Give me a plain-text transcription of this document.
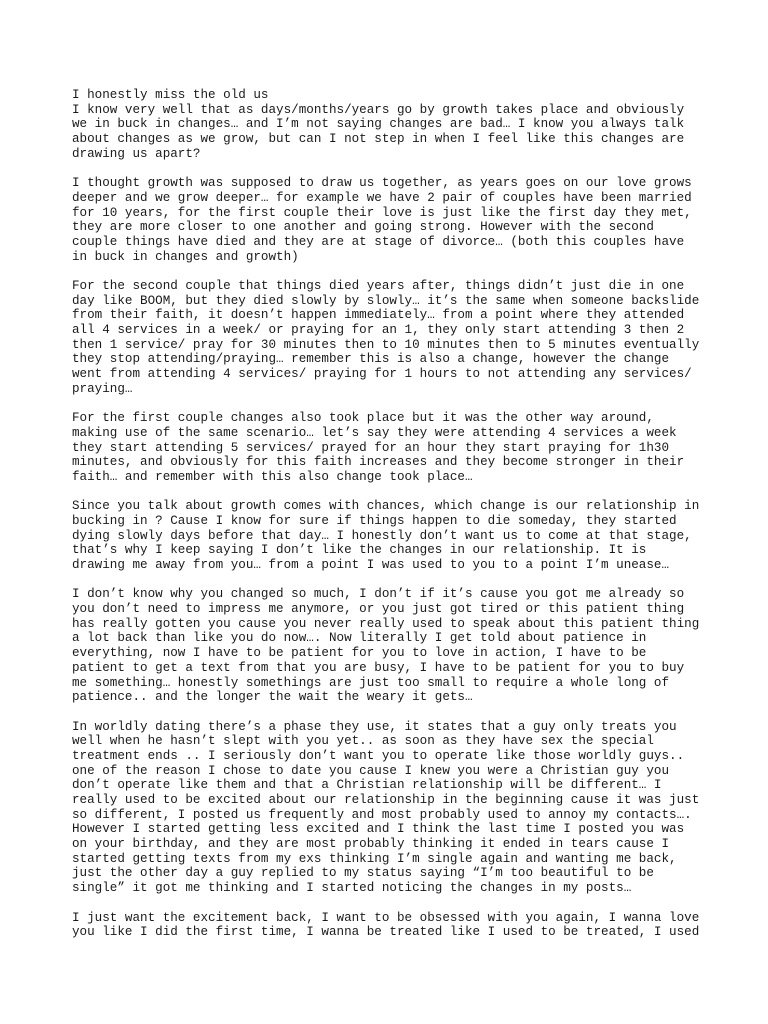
I honestly miss the old us
I know very well that as days/months/years go by growth takes place and obviously
we in buck in changes… and I’m not saying changes are bad… I know you always talk
about changes as we grow, but can I not step in when I feel like this changes are
drawing us apart?
I thought growth was supposed to draw us together, as years goes on our love grows
deeper and we grow deeper… for example we have 2 pair of couples have been married
for 10 years, for the first couple their love is just like the first day they met,
they are more closer to one another and going strong. However with the second
couple things have died and they are at stage of divorce… (both this couples have
in buck in changes and growth)
For the second couple that things died years after, things didn’t just die in one
day like BOOM, but they died slowly by slowly… it’s the same when someone backslide
from their faith, it doesn’t happen immediately… from a point where they attended
all 4 services in a week/ or praying for an 1, they only start attending 3 then 2
then 1 service/ pray for 30 minutes then to 10 minutes then to 5 minutes eventually
they stop attending/praying… remember this is also a change, however the change
went from attending 4 services/ praying for 1 hours to not attending any services/
praying…
For the first couple changes also took place but it was the other way around,
making use of the same scenario… let’s say they were attending 4 services a week
they start attending 5 services/ prayed for an hour they start praying for 1h30
minutes, and obviously for this faith increases and they become stronger in their
faith… and remember with this also change took place…
Since you talk about growth comes with chances, which change is our relationship in
bucking in ? Cause I know for sure if things happen to die someday, they started
dying slowly days before that day… I honestly don’t want us to come at that stage,
that’s why I keep saying I don’t like the changes in our relationship. It is
drawing me away from you… from a point I was used to you to a point I’m unease…
I don’t know why you changed so much, I don’t if it’s cause you got me already so
you don’t need to impress me anymore, or you just got tired or this patient thing
has really gotten you cause you never really used to speak about this patient thing
a lot back than like you do now…. Now literally I get told about patience in
everything, now I have to be patient for you to love in action, I have to be
patient to get a text from that you are busy, I have to be patient for you to buy
me something… honestly somethings are just too small to require a whole long of
patience.. and the longer the wait the weary it gets…
In worldly dating there’s a phase they use, it states that a guy only treats you
well when he hasn’t slept with you yet.. as soon as they have sex the special
treatment ends .. I seriously don’t want you to operate like those worldly guys..
one of the reason I chose to date you cause I knew you were a Christian guy you
don’t operate like them and that a Christian relationship will be different… I
really used to be excited about our relationship in the beginning cause it was just
so different, I posted us frequently and most probably used to annoy my contacts….
However I started getting less excited and I think the last time I posted you was
on your birthday, and they are most probably thinking it ended in tears cause I
started getting texts from my exs thinking I’m single again and wanting me back,
just the other day a guy replied to my status saying “I’m too beautiful to be
single” it got me thinking and I started noticing the changes in my posts…
I just want the excitement back, I want to be obsessed with you again, I wanna love
you like I did the first time, I wanna be treated like I used to be treated, I used
